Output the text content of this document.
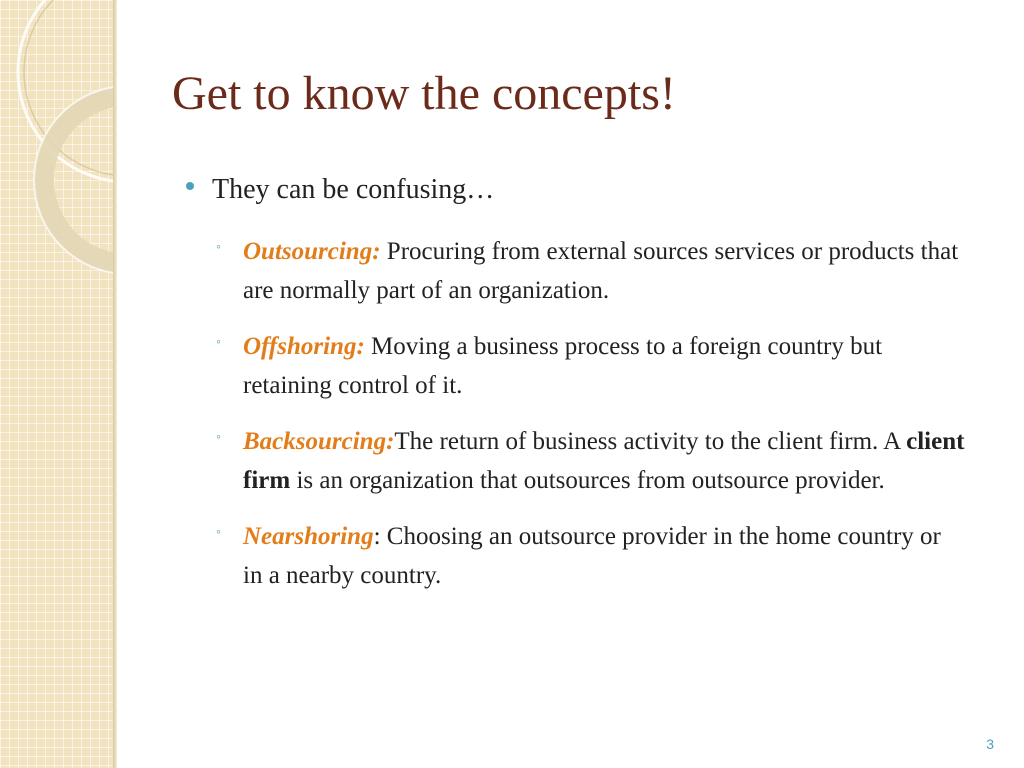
Get to know the concepts!
They can be confusing…
◦ Outsourcing: Procuring from external sources services or products that are normally part of an organization.
◦ Offshoring: Moving a business process to a foreign country but retaining control of it.
◦ Backsourcing:The return of business activity to the client firm. A client firm is an organization that outsources from outsource provider.
◦ Nearshoring: Choosing an outsource provider in the home country or in a nearby country.
3
